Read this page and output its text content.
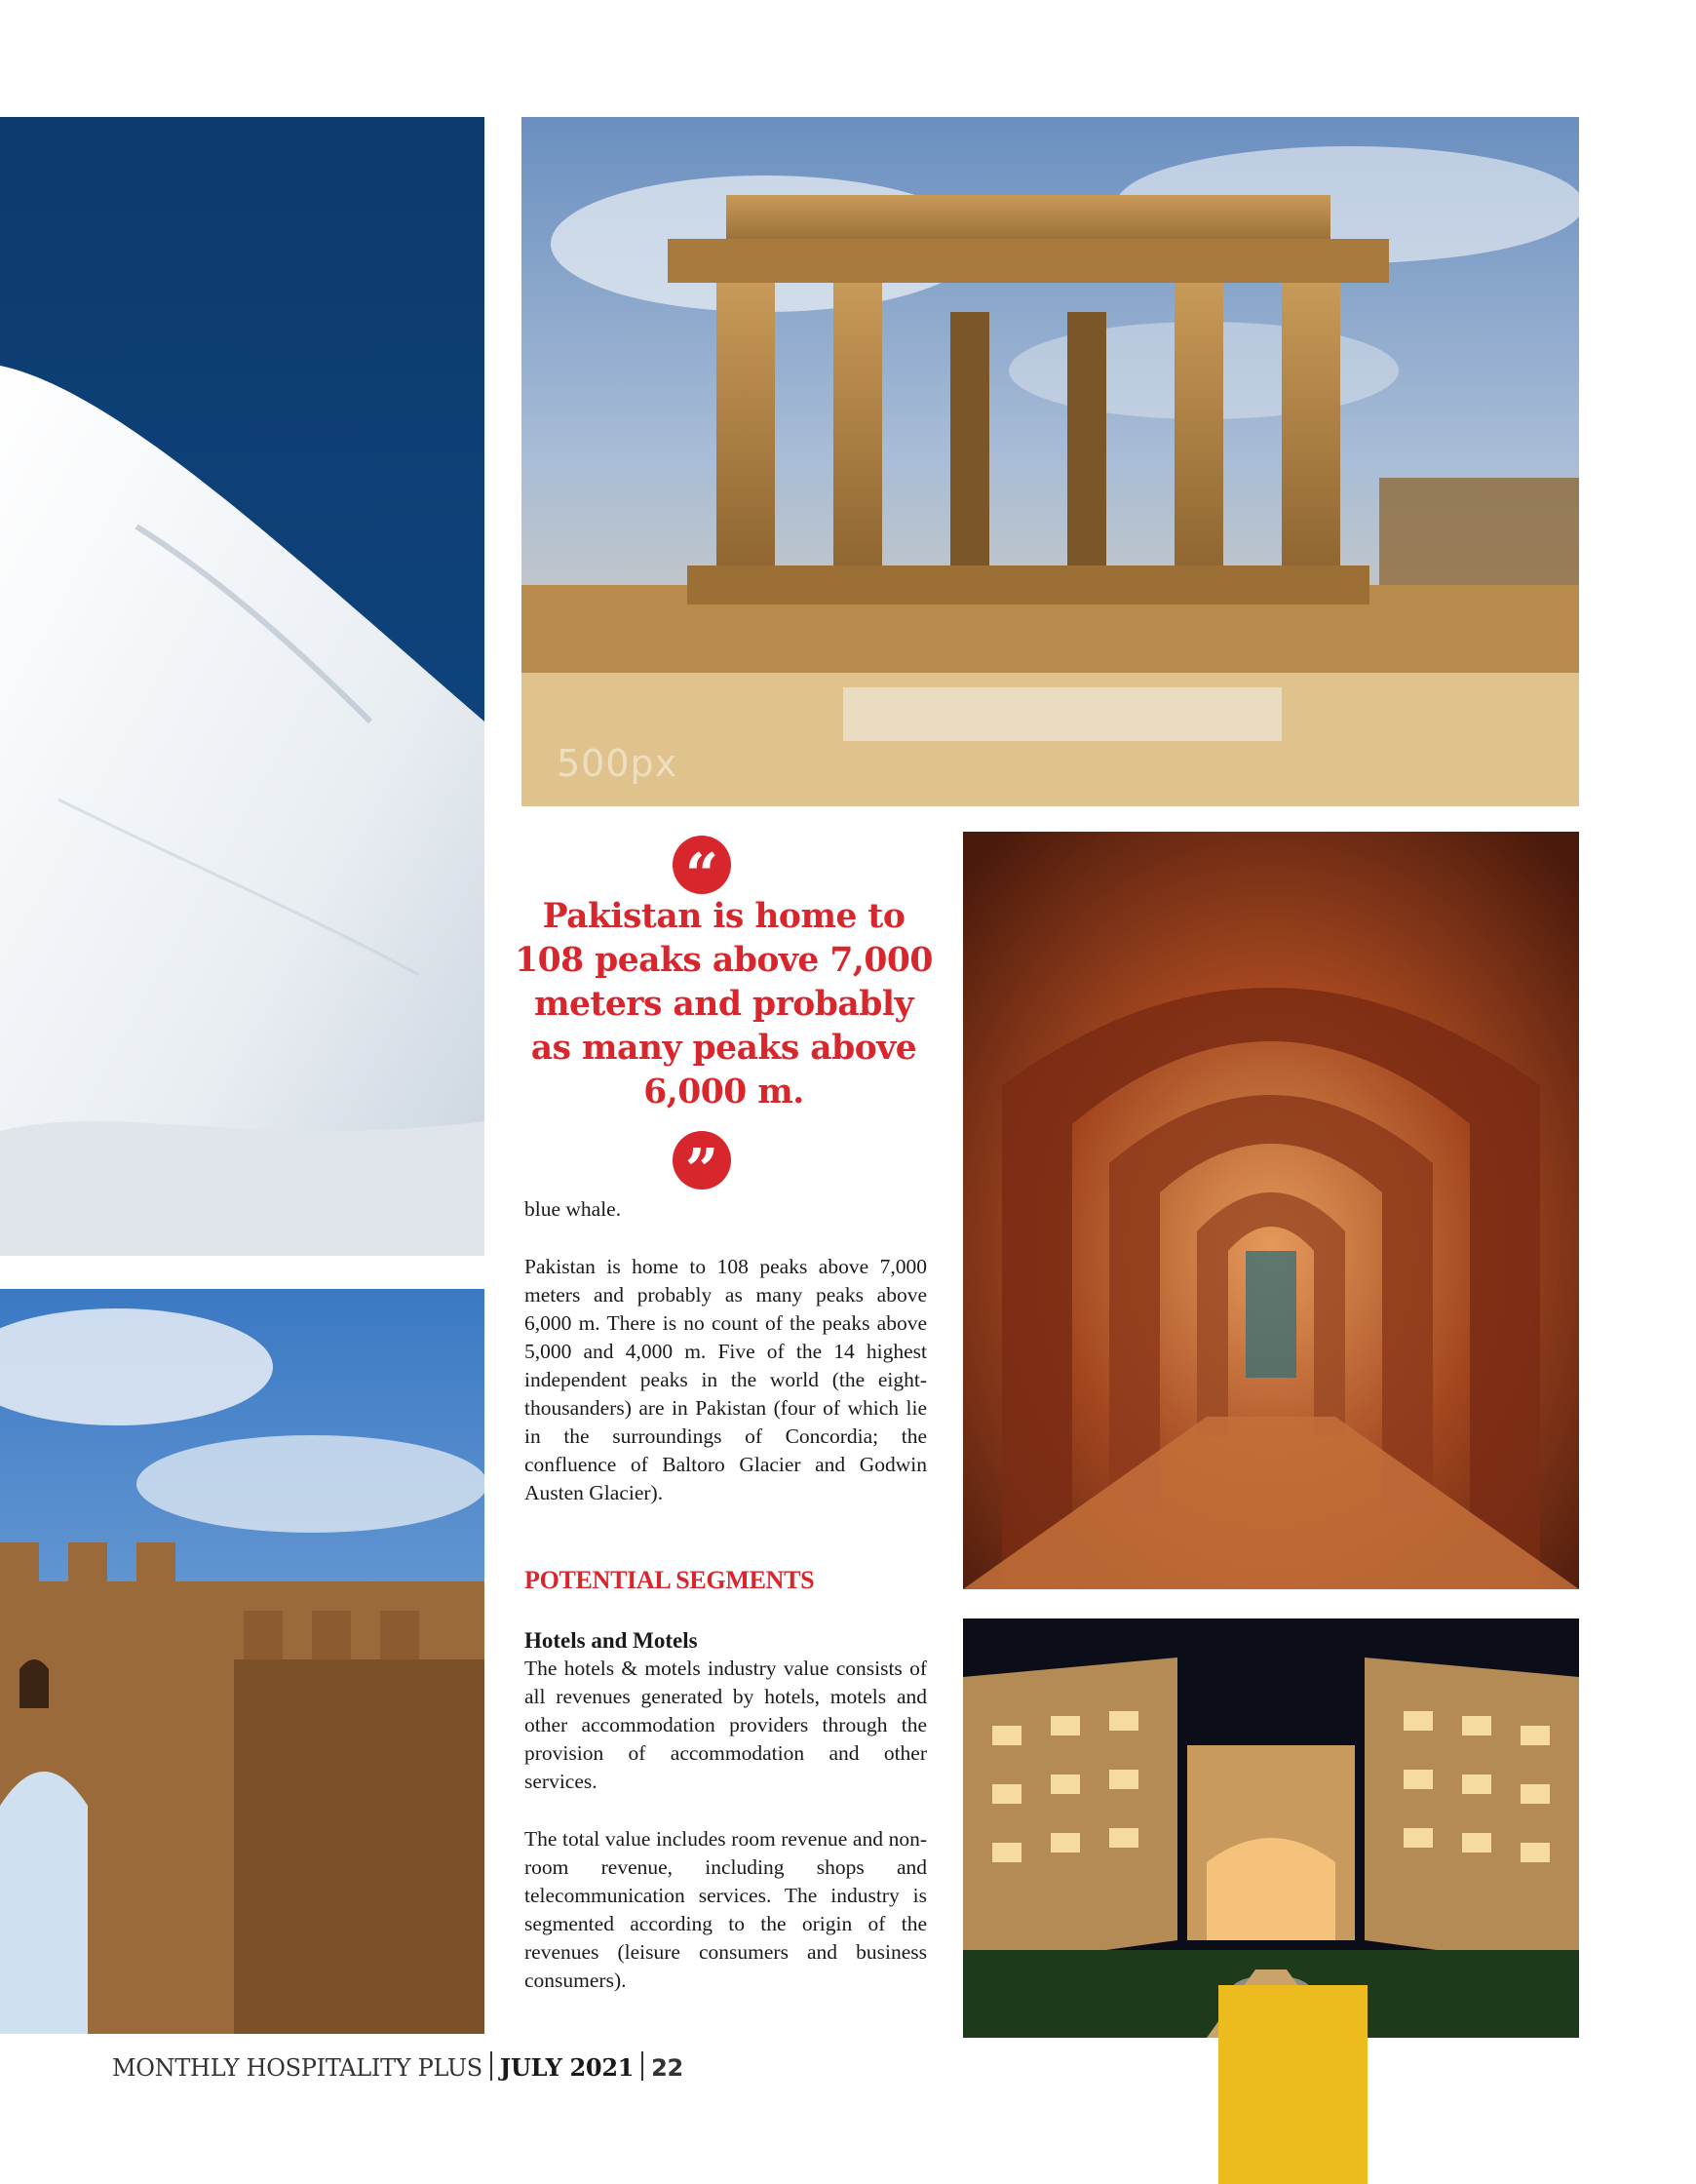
500px
“
Pakistan is home to 108 peaks above 7,000 meters and probably as many peaks above 6,000 m.
”

blue whale.

Pakistan is home to 108 peaks above 7,000 meters and probably as many peaks above 6,000 m. There is no count of the peaks above 5,000 and 4,000 m. Five of the 14 highest independent peaks in the world (the eight-thousanders) are in Pakistan (four of which lie in the surroundings of Concordia; the confluence of Baltoro Glacier and Godwin Austen Glacier).

POTENTIAL SEGMENTS
Hotels and Motels

The hotels & motels industry value consists of all revenues generated by hotels, motels and other accommodation providers through the provision of accommodation and other services.

The total value includes room revenue and non-room revenue, including shops and telecommunication services. The industry is segmented according to the origin of the revenues (leisure consumers and business consumers).

MONTHLY HOSPITALITY PLUS JULY 2021 22
